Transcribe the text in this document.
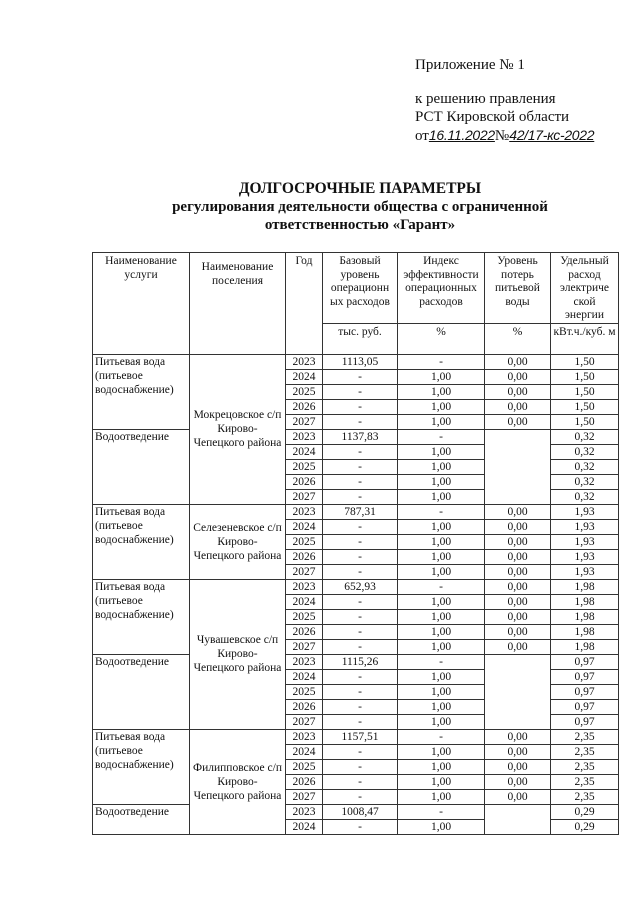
Приложение № 1
к решению правления
РСТ Кировской области
от16.11.2022№42/17-кс-2022
ДОЛГОСРОЧНЫЕ ПАРАМЕТРЫ
регулирования деятельности общества с ограниченной
ответственностью «Гарант»
Наименование услуги	Наименование поселения	Год	Базовый уровень операционн ых расходов	Индекс эффективности операционных расходов	Уровень потерь питьевой воды	Удельный расход электриче ской энергии
			тыс. руб.	%	%	кВт.ч./куб. м
Питьевая вода (питьевое водоснабжение)	Мокрецовское с/п Кирово-Чепецкого района	2023	1113,05	-	0,00	1,50
		2024	-	1,00	0,00	1,50
		2025	-	1,00	0,00	1,50
		2026	-	1,00	0,00	1,50
		2027	-	1,00	0,00	1,50
Водоотведение		2023	1137,83	-		0,32
		2024	-	1,00		0,32
		2025	-	1,00		0,32
		2026	-	1,00		0,32
		2027	-	1,00		0,32
Питьевая вода (питьевое водоснабжение)	Селезеневское с/п Кирово-Чепецкого района	2023	787,31	-	0,00	1,93
		2024	-	1,00	0,00	1,93
		2025	-	1,00	0,00	1,93
		2026	-	1,00	0,00	1,93
		2027	-	1,00	0,00	1,93
Питьевая вода (питьевое водоснабжение)	Чувашевское с/п Кирово-Чепецкого района	2023	652,93	-	0,00	1,98
		2024	-	1,00	0,00	1,98
		2025	-	1,00	0,00	1,98
		2026	-	1,00	0,00	1,98
		2027	-	1,00	0,00	1,98
Водоотведение		2023	1115,26	-		0,97
		2024	-	1,00		0,97
		2025	-	1,00		0,97
		2026	-	1,00		0,97
		2027	-	1,00		0,97
Питьевая вода (питьевое водоснабжение)	Филипповское с/п Кирово-Чепецкого района	2023	1157,51	-	0,00	2,35
		2024	-	1,00	0,00	2,35
		2025	-	1,00	0,00	2,35
		2026	-	1,00	0,00	2,35
		2027	-	1,00	0,00	2,35
Водоотведение		2023	1008,47	-		0,29
		2024	-	1,00		0,29
